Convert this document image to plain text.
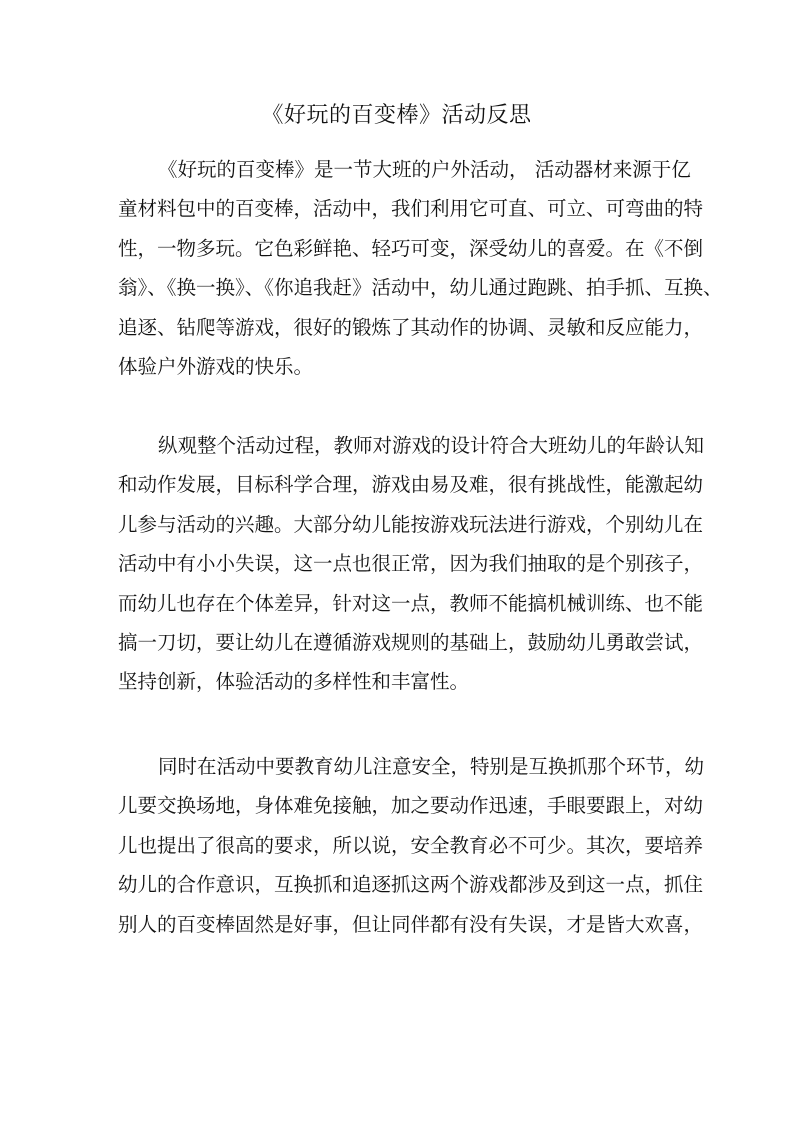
《好玩的百变棒》活动反思
《好玩的百变棒》是一节大班的户外活动， 活动器材来源于亿
童材料包中的百变棒，活动中，我们利用它可直、可立、可弯曲的特
性，一物多玩。它色彩鲜艳、轻巧可变，深受幼儿的喜爱。在《不倒
翁》、《换一换》、《你追我赶》活动中，幼儿通过跑跳、拍手抓、互换、
追逐、钻爬等游戏，很好的锻炼了其动作的协调、灵敏和反应能力，
体验户外游戏的快乐。
纵观整个活动过程，教师对游戏的设计符合大班幼儿的年龄认知
和动作发展，目标科学合理，游戏由易及难，很有挑战性，能激起幼
儿参与活动的兴趣。大部分幼儿能按游戏玩法进行游戏，个别幼儿在
活动中有小小失误，这一点也很正常，因为我们抽取的是个别孩子，
而幼儿也存在个体差异，针对这一点，教师不能搞机械训练、也不能
搞一刀切，要让幼儿在遵循游戏规则的基础上，鼓励幼儿勇敢尝试，
坚持创新，体验活动的多样性和丰富性。
同时在活动中要教育幼儿注意安全，特别是互换抓那个环节，幼
儿要交换场地，身体难免接触，加之要动作迅速，手眼要跟上，对幼
儿也提出了很高的要求，所以说，安全教育必不可少。其次，要培养
幼儿的合作意识，互换抓和追逐抓这两个游戏都涉及到这一点，抓住
别人的百变棒固然是好事，但让同伴都有没有失误，才是皆大欢喜，
